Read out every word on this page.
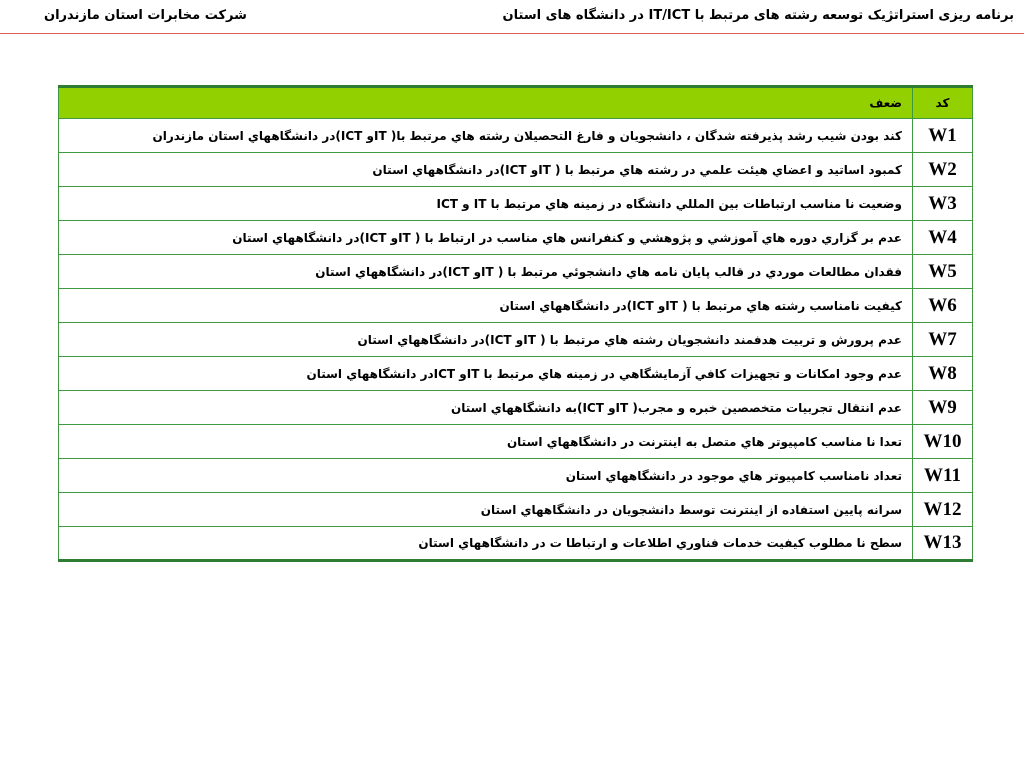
برنامه ریزی استراتژیک توسعه رشته های مرتبط با IT/ICT در دانشگاه های استان
شرکت مخابرات استان مازندران
کد	ضعف
W1	كند بودن شيب رشد پذيرفته شدگان ، دانشجويان و فارغ التحصيلان رشته هاي مرتبط با( ITو ICT)در دانشگاههاي استان مازندران
W2	كمبود اساتيد و اعضاي هيئت علمي در رشته هاي مرتبط با ( ITو ICT)در دانشگاههاي استان
W3	وضعيت نا مناسب ارتباطات بين المللي دانشگاه در زمينه هاي مرتبط با IT و ICT
W4	عدم بر گزاري دوره هاي آموزشي و پژوهشي و كنفرانس هاي مناسب در ارتباط با ( ITو ICT)در دانشگاههاي استان
W5	فقدان مطالعات موردي در قالب پايان نامه هاي دانشجوئي مرتبط با ( ITو ICT)در دانشگاههاي استان
W6	كيفيت نامناسب رشته هاي مرتبط با ( ITو ICT)در دانشگاههاي استان
W7	عدم پرورش و تربيت هدفمند دانشجويان رشته هاي مرتبط با ( ITو ICT)در دانشگاههاي استان
W8	عدم وجود امكانات و تجهيزات كافي آزمايشگاهي در زمينه هاي مرتبط با ITو ICTدر دانشگاههاي استان
W9	عدم انتقال تجربيات متخصصين خبره و مجرب( ITو ICT)به دانشگاههاي استان
W10	تعدا نا مناسب كامپيوتر هاي متصل به اينترنت در دانشگاههاي استان
W11	تعداد نامناسب كامپيوتر هاي موجود در دانشگاههاي استان
W12	سرانه پايين استفاده از اينترنت توسط دانشجويان در دانشگاههاي استان
W13	سطح نا مطلوب كيفيت خدمات فناوري اطلاعات و ارتباطا ت در دانشگاههاي استان
